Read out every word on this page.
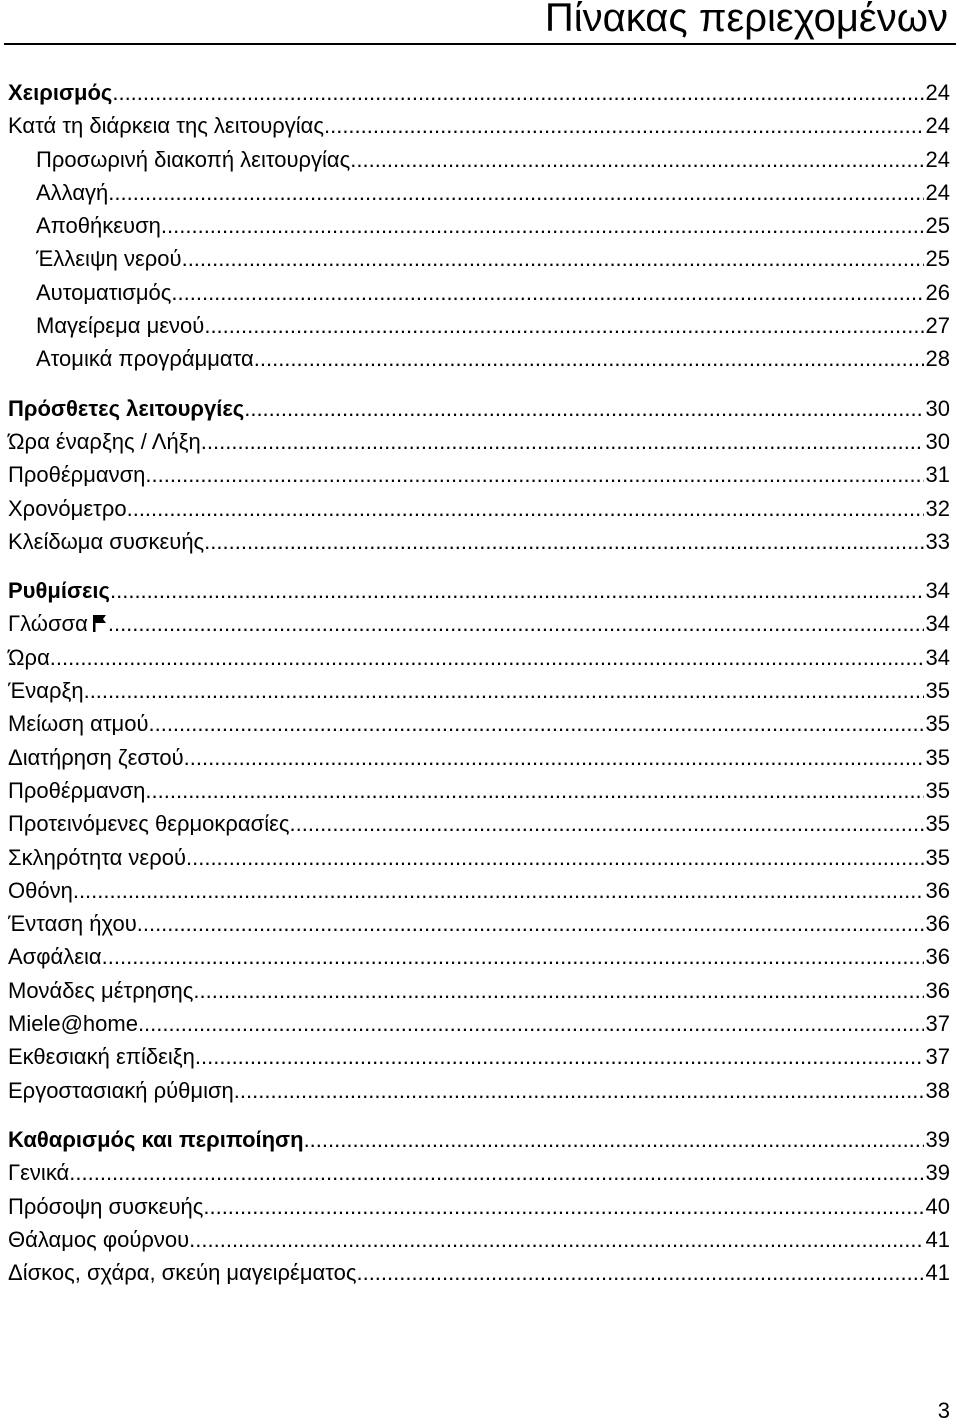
Πίνακας περιεχομένων
Χειρισμός .....	24
Κατά τη διάρκεια της λειτουργίας .....	24
Προσωρινή διακοπή λειτουργίας .....	24
Αλλαγή .....	24
Αποθήκευση .....	25
Έλλειψη νερού .....	25
Αυτοματισμός .....	26
Μαγείρεμα μενού .....	27
Ατομικά προγράμματα .....	28
Πρόσθετες λειτουργίες .....	30
Ώρα έναρξης / Λήξη .....	30
Προθέρμανση .....	31
Χρονόμετρο .....	32
Κλείδωμα συσκευής .....	33
Ρυθμίσεις .....	34
Γλώσσα .....	34
Ώρα .....	34
Έναρξη .....	35
Μείωση ατμού .....	35
Διατήρηση ζεστού .....	35
Προθέρμανση .....	35
Προτεινόμενες θερμοκρασίες .....	35
Σκληρότητα νερού .....	35
Οθόνη .....	36
Ένταση ήχου .....	36
Ασφάλεια .....	36
Μονάδες μέτρησης .....	36
Miele@home .....	37
Εκθεσιακή επίδειξη .....	37
Εργοστασιακή ρύθμιση .....	38
Καθαρισμός και περιποίηση .....	39
Γενικά .....	39
Πρόσοψη συσκευής .....	40
Θάλαμος φούρνου .....	41
Δίσκος, σχάρα, σκεύη μαγειρέματος .....	41
3
